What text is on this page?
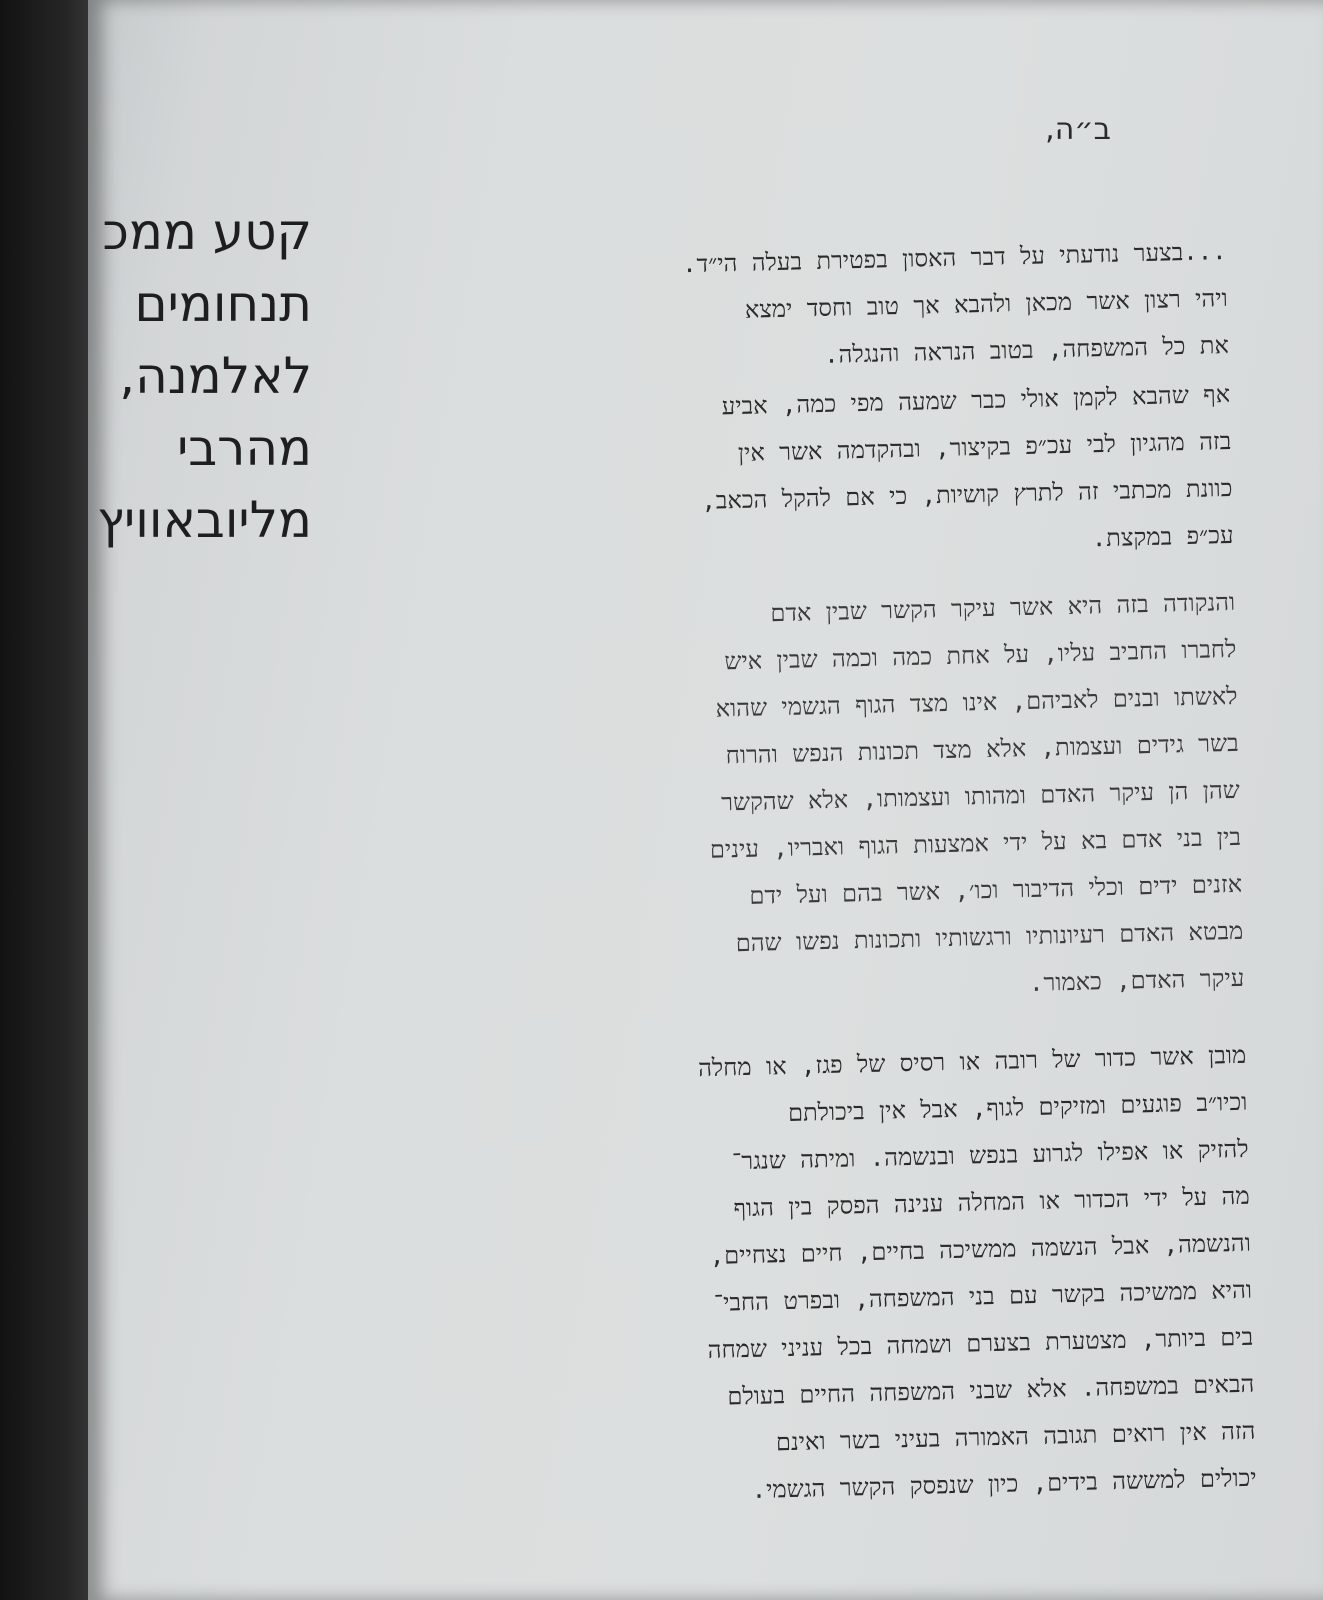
ב״ה,
קטע ממכ
תנחומים
לאלמנה,
מהרבי
מליובאוויץ
...בצער נודעתי על דבר האסון בפטירת בעלה הי״ד.
ויהי רצון אשר מכאן ולהבא אך טוב וחסד ימצא
את כל המשפחה, בטוב הנראה והנגלה.
אף שהבא לקמן אולי כבר שמעה מפי כמה, אביע
בזה מהגיון לבי עכ״פ בקיצור, ובהקדמה אשר אין
כוונת מכתבי זה לתרץ קושיות, כי אם להקל הכאב,
עכ״פ במקצת.
והנקודה בזה היא אשר עיקר הקשר שבין אדם
לחברו החביב עליו, על אחת כמה וכמה שבין איש
לאשתו ובנים לאביהם, אינו מצד הגוף הגשמי שהוא
בשר גידים ועצמות, אלא מצד תכונות הנפש והרוח
שהן הן עיקר האדם ומהותו ועצמותו, אלא שהקשר
בין בני אדם בא על ידי אמצעות הגוף ואבריו, עינים
אזנים ידים וכלי הדיבור וכו׳, אשר בהם ועל ידם
מבטא האדם רעיונותיו ורגשותיו ותכונות נפשו שהם
עיקר האדם, כאמור.
מובן אשר כדור של רובה או רסיס של פגז, או מחלה
וכיו״ב פוגעים ומזיקים לגוף, אבל אין ביכולתם
להזיק או אפילו לגרוע בנפש ובנשמה. ומיתה שנגר־
מה על ידי הכדור או המחלה ענינה הפסק בין הגוף
והנשמה, אבל הנשמה ממשיכה בחיים, חיים נצחיים,
והיא ממשיכה בקשר עם בני המשפחה, ובפרט החבי־
בים ביותר, מצטערת בצערם ושמחה בכל עניני שמחה
הבאים במשפחה. אלא שבני המשפחה החיים בעולם
הזה אין רואים תגובה האמורה בעיני בשר ואינם
יכולים למששה בידים, כיון שנפסק הקשר הגשמי.
